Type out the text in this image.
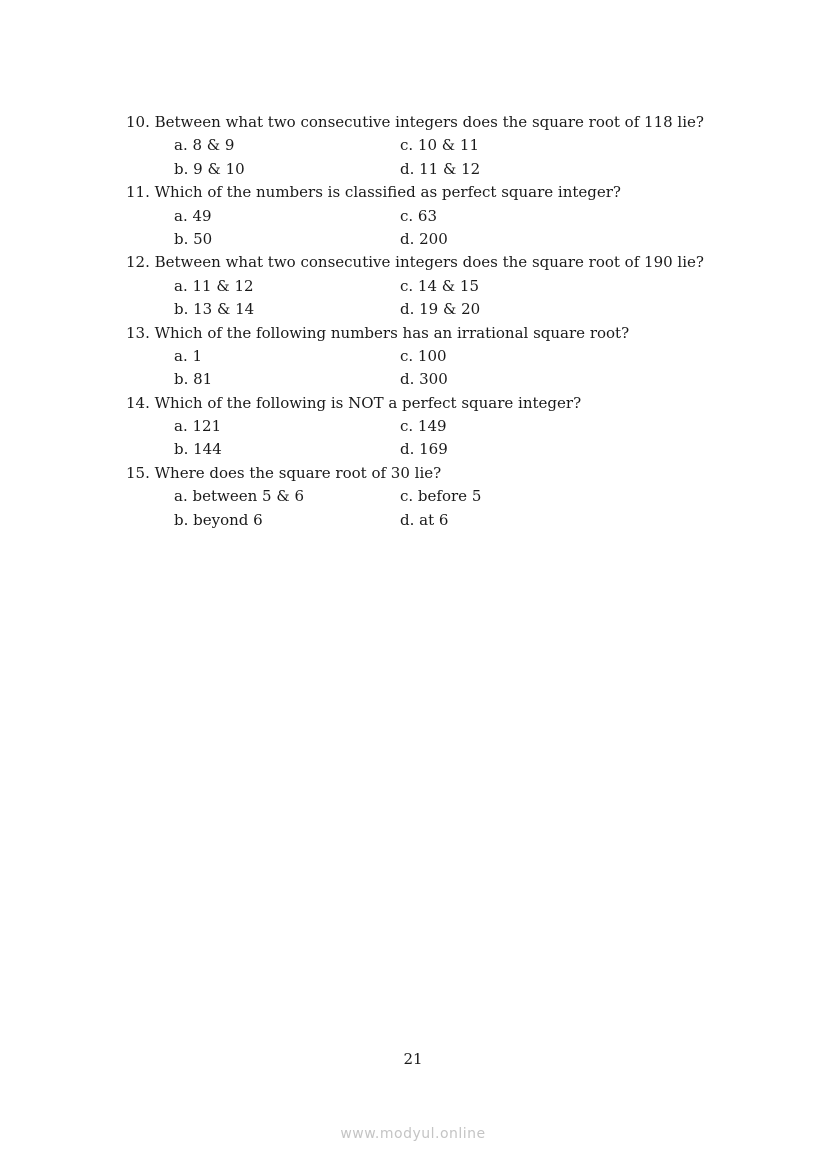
10. Between what two consecutive integers does the square root of 118 lie?
a. 8 & 9	c. 10 & 11
b. 9 & 10	d. 11 & 12
11. Which of the numbers is classified as perfect square integer?
a. 49	c. 63
b. 50	d. 200
12. Between what two consecutive integers does the square root of 190 lie?
a. 11 & 12	c. 14 & 15
b. 13 & 14	d. 19 & 20
13. Which of the following numbers has an irrational square root?
a. 1	c. 100
b. 81	d. 300
14. Which of the following is NOT a perfect square integer?
a. 121	c. 149
b. 144	d. 169
15. Where does the square root of 30 lie?
a. between 5 & 6	c. before 5
b. beyond 6	d. at 6
21
www.modyul.online
